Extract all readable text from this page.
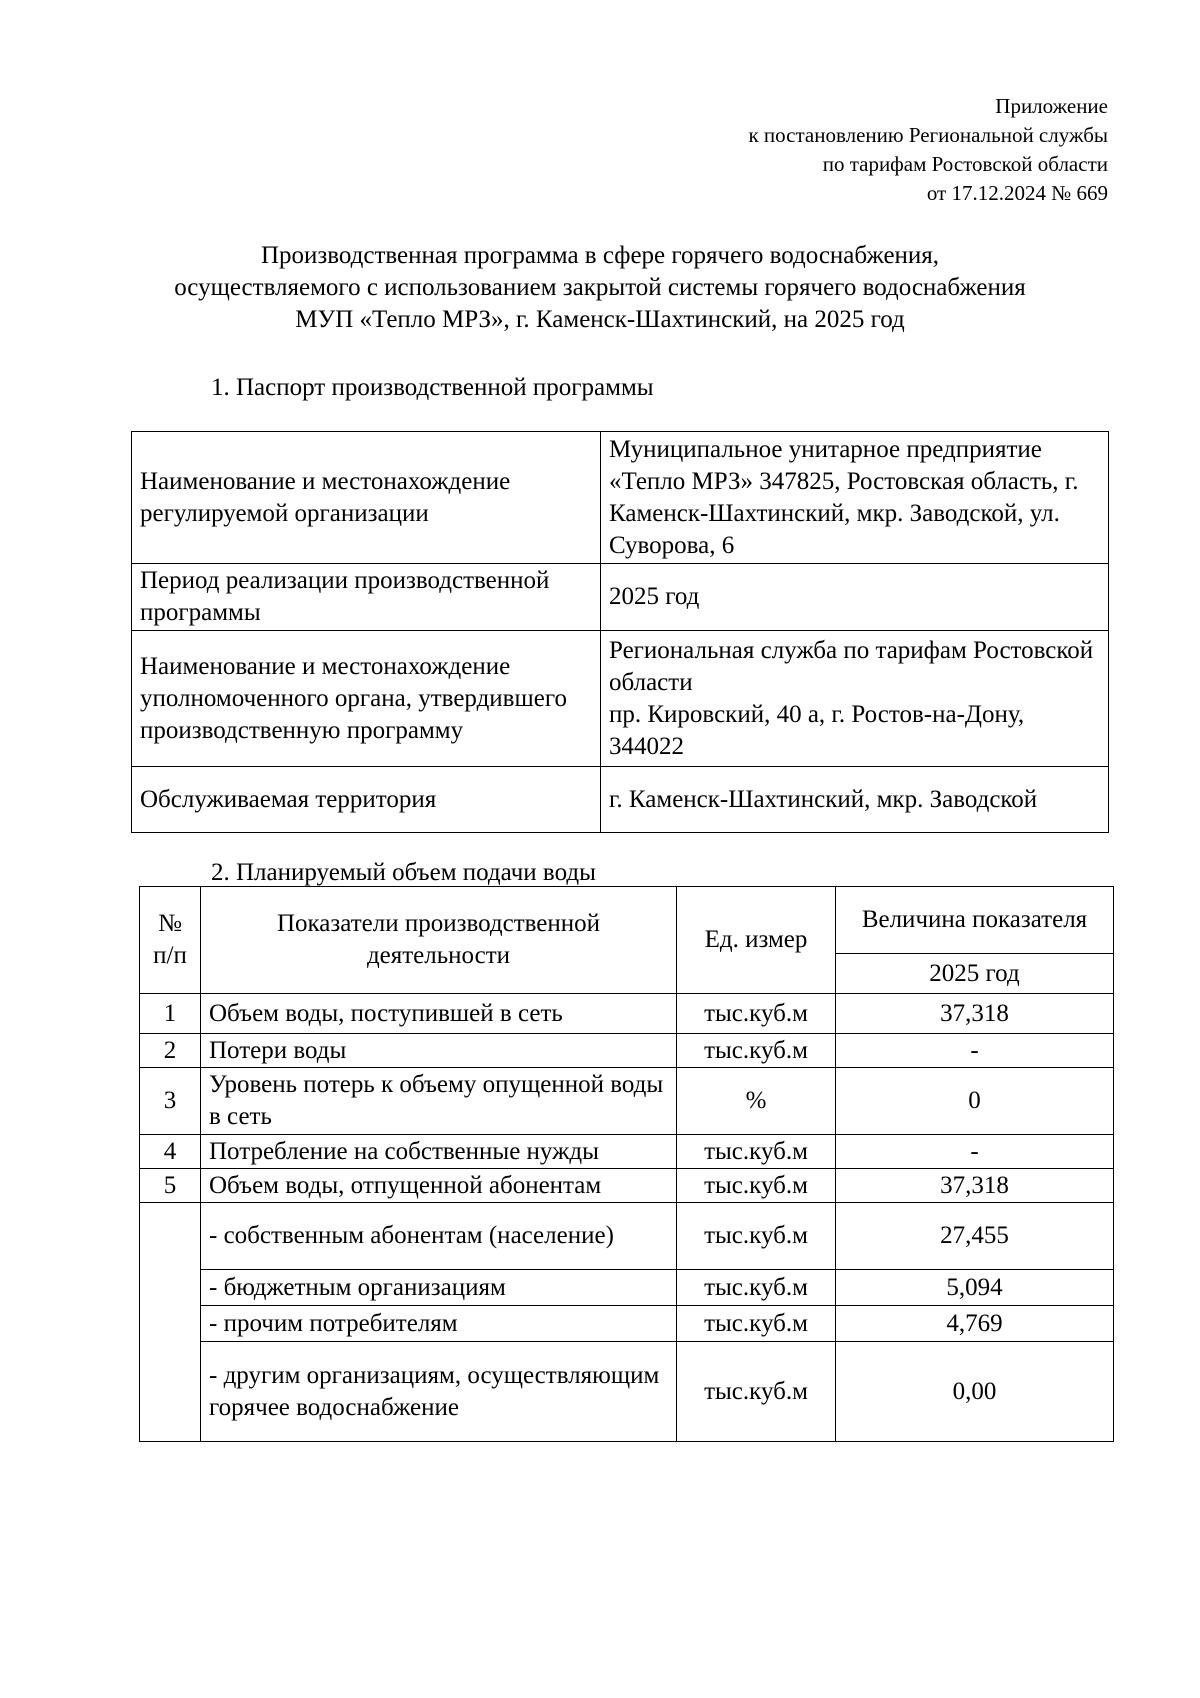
Приложение
к постановлению Региональной службы
по тарифам Ростовской области
от 17.12.2024 № 669
Производственная программа в сфере горячего водоснабжения,
осуществляемого с использованием закрытой системы горячего водоснабжения
МУП «Тепло МРЗ», г. Каменск-Шахтинский, на 2025 год
1. Паспорт производственной программы
Наименование и местонахождение регулируемой организации	Муниципальное унитарное предприятие «Тепло МРЗ» 347825, Ростовская область, г. Каменск-Шахтинский, мкр. Заводской, ул. Суворова, 6
Период реализации производственной программы	2025 год
Наименование и местонахождение уполномоченного органа, утвердившего производственную программу	Региональная служба по тарифам Ростовской области
пр. Кировский, 40 а, г. Ростов-на-Дону, 344022

Обслуживаемая территория	г. Каменск-Шахтинский, мкр. Заводской
2. Планируемый объем подачи воды
№ п/п	Показатели производственной деятельности	Ед. измер	Величина показателя
			2025 год
1	Объем воды, поступившей в сеть	тыс.куб.м	37,318
2	Потери воды	тыс.куб.м	-
3	Уровень потерь к объему опущенной воды в сеть	%	0
4	Потребление на собственные нужды	тыс.куб.м	-
5	Объем воды, отпущенной абонентам	тыс.куб.м	37,318
	- собственным абонентам (население)	тыс.куб.м	27,455
	- бюджетным организациям	тыс.куб.м	5,094
	- прочим потребителям	тыс.куб.м	4,769
	- другим организациям, осуществляющим горячее водоснабжение	тыс.куб.м	0,00
